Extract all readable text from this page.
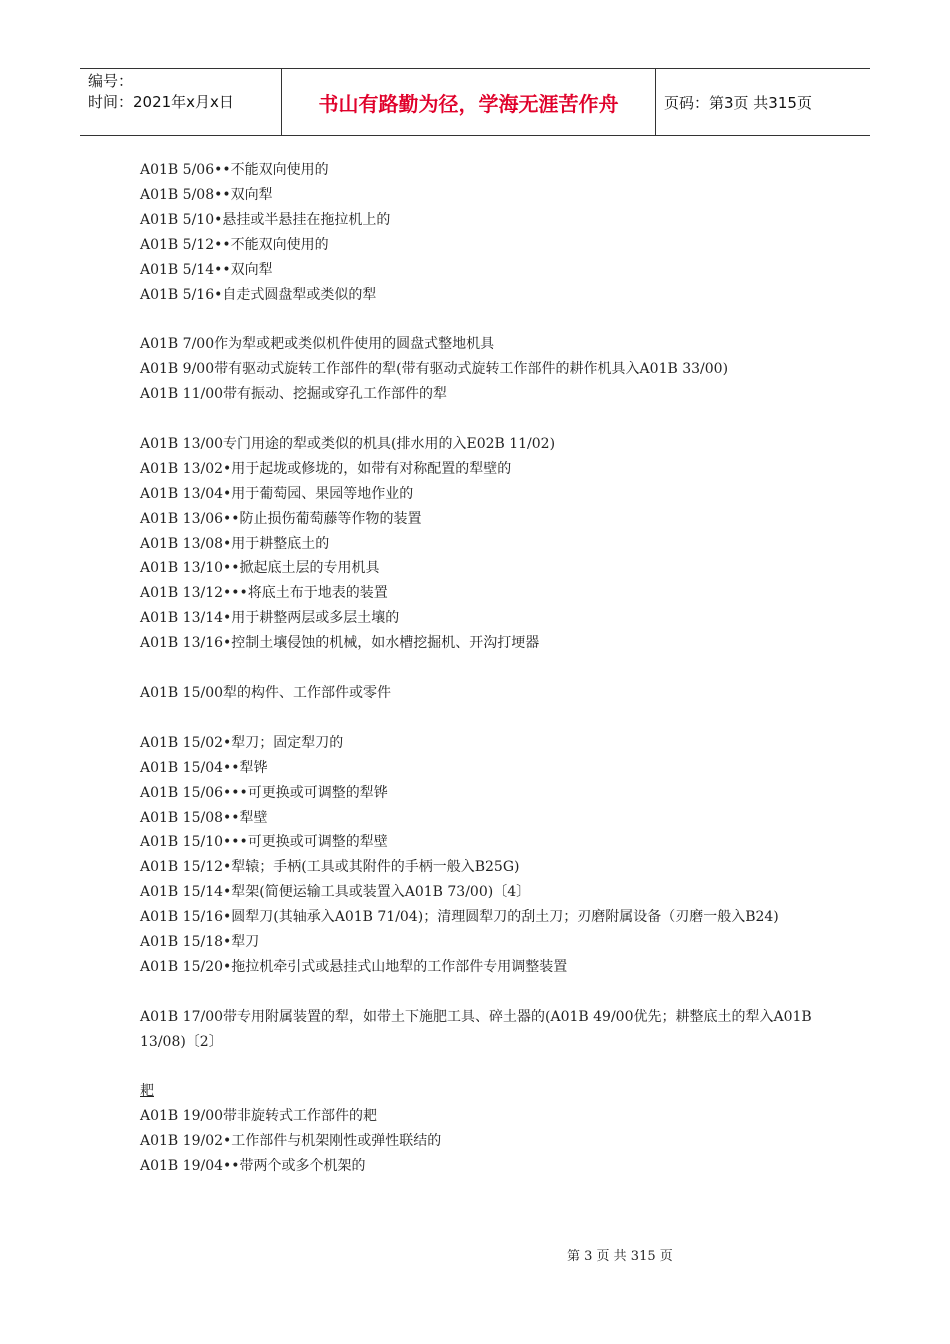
编号：
时间：2021年x月x日	书山有路勤为径，学海无涯苦作舟	页码：第3页 共315页
A01B 5/06••不能双向使用的
A01B 5/08••双向犁
A01B 5/10•悬挂或半悬挂在拖拉机上的
A01B 5/12••不能双向使用的
A01B 5/14••双向犁
A01B 5/16•自走式圆盘犁或类似的犁
A01B 7/00作为犁或耙或类似机件使用的圆盘式整地机具
A01B 9/00带有驱动式旋转工作部件的犁(带有驱动式旋转工作部件的耕作机具入A01B 33/00)
A01B 11/00带有振动、挖掘或穿孔工作部件的犁
A01B 13/00专门用途的犁或类似的机具(排水用的入E02B 11/02)
A01B 13/02•用于起垅或修垅的，如带有对称配置的犁壁的
A01B 13/04•用于葡萄园、果园等地作业的
A01B 13/06••防止损伤葡萄藤等作物的装置
A01B 13/08•用于耕整底土的
A01B 13/10••掀起底土层的专用机具
A01B 13/12•••将底土布于地表的装置
A01B 13/14•用于耕整两层或多层土壤的
A01B 13/16•控制土壤侵蚀的机械，如水槽挖掘机、开沟打埂器
A01B 15/00犁的构件、工作部件或零件
A01B 15/02•犁刀；固定犁刀的
A01B 15/04••犁铧
A01B 15/06•••可更换或可调整的犁铧
A01B 15/08••犁壁
A01B 15/10•••可更换或可调整的犁壁
A01B 15/12•犁辕；手柄(工具或其附件的手柄一般入B25G)
A01B 15/14•犁架(简便运输工具或装置入A01B 73/00)〔4〕
A01B 15/16•圆犁刀(其轴承入A01B 71/04)；清理圆犁刀的刮土刀；刃磨附属设备（刃磨一般入B24)
A01B 15/18•犁刀
A01B 15/20•拖拉机牵引式或悬挂式山地犁的工作部件专用调整装置
A01B 17/00带专用附属装置的犁，如带土下施肥工具、碎土器的(A01B 49/00优先；耕整底土的犁入A01B 13/08)〔2〕
耙
A01B 19/00带非旋转式工作部件的耙
A01B 19/02•工作部件与机架刚性或弹性联结的
A01B 19/04••带两个或多个机架的
第 3 页 共 315 页
